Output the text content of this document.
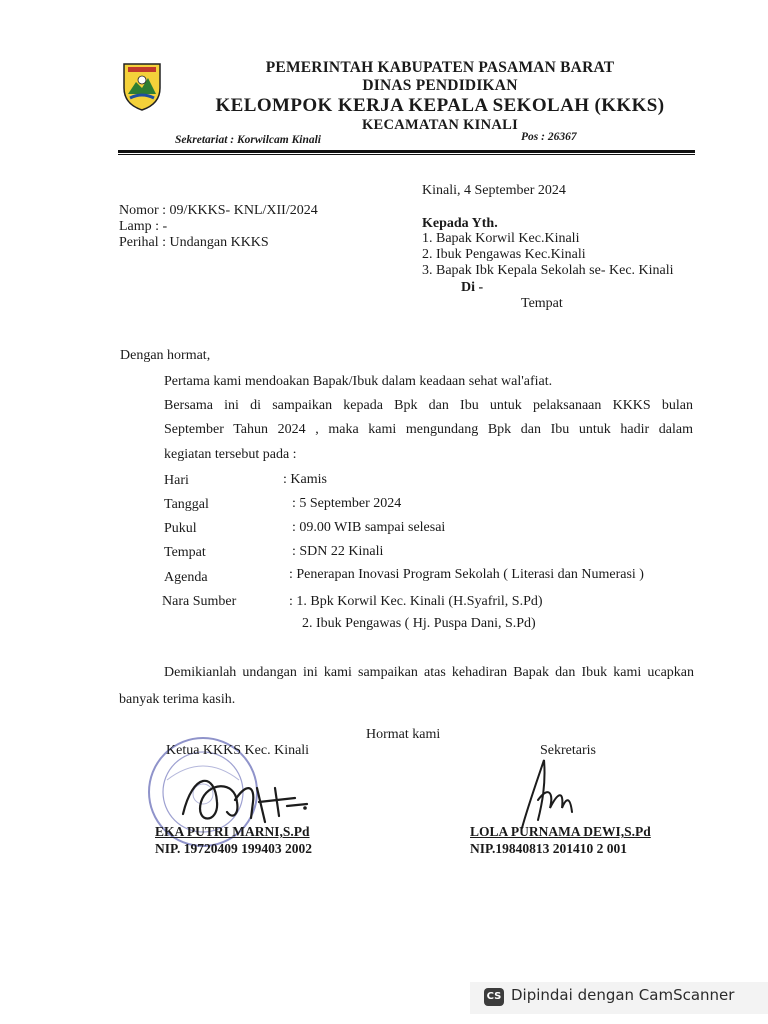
PEMERINTAH KABUPATEN PASAMAN BARAT
DINAS PENDIDIKAN
KELOMPOK KERJA KEPALA SEKOLAH (KKKS)
KECAMATAN KINALI
Sekretariat : Korwilcam Kinali	Pos : 26367
Kinali, 4 September 2024
Nomor : 09/KKKS- KNL/XII/2024
Lamp : -
Perihal : Undangan KKKS
Kepada Yth.
1. Bapak Korwil Kec.Kinali
2. Ibuk Pengawas Kec.Kinali
3. Bapak Ibk Kepala Sekolah se- Kec. Kinali
Di -
Tempat
Dengan hormat,
Pertama kami mendoakan Bapak/Ibuk dalam keadaan sehat wal'afiat.
Bersama ini di sampaikan kepada Bpk dan Ibu untuk pelaksanaan KKKS bulan
September Tahun 2024 , maka kami mengundang Bpk dan Ibu untuk hadir dalam
kegiatan tersebut pada :
Hari	: Kamis
Tanggal	: 5 September 2024
Pukul	: 09.00 WIB sampai selesai
Tempat	: SDN 22 Kinali
Agenda	: Penerapan Inovasi Program Sekolah ( Literasi dan Numerasi )
Nara Sumber	: 1. Bpk Korwil Kec. Kinali (H.Syafril, S.Pd)
2. Ibuk Pengawas ( Hj. Puspa Dani, S.Pd)
Demikianlah undangan ini kami sampaikan atas kehadiran Bapak dan Ibuk kami ucapkan
banyak terima kasih.
Hormat kami
Ketua KKKS Kec. Kinali
EKA PUTRI MARNI,S.Pd
NIP. 19720409 199403 2002
Sekretaris
LOLA PURNAMA DEWI,S.Pd
NIP.19840813 201410 2 001
CS Dipindai dengan CamScanner
